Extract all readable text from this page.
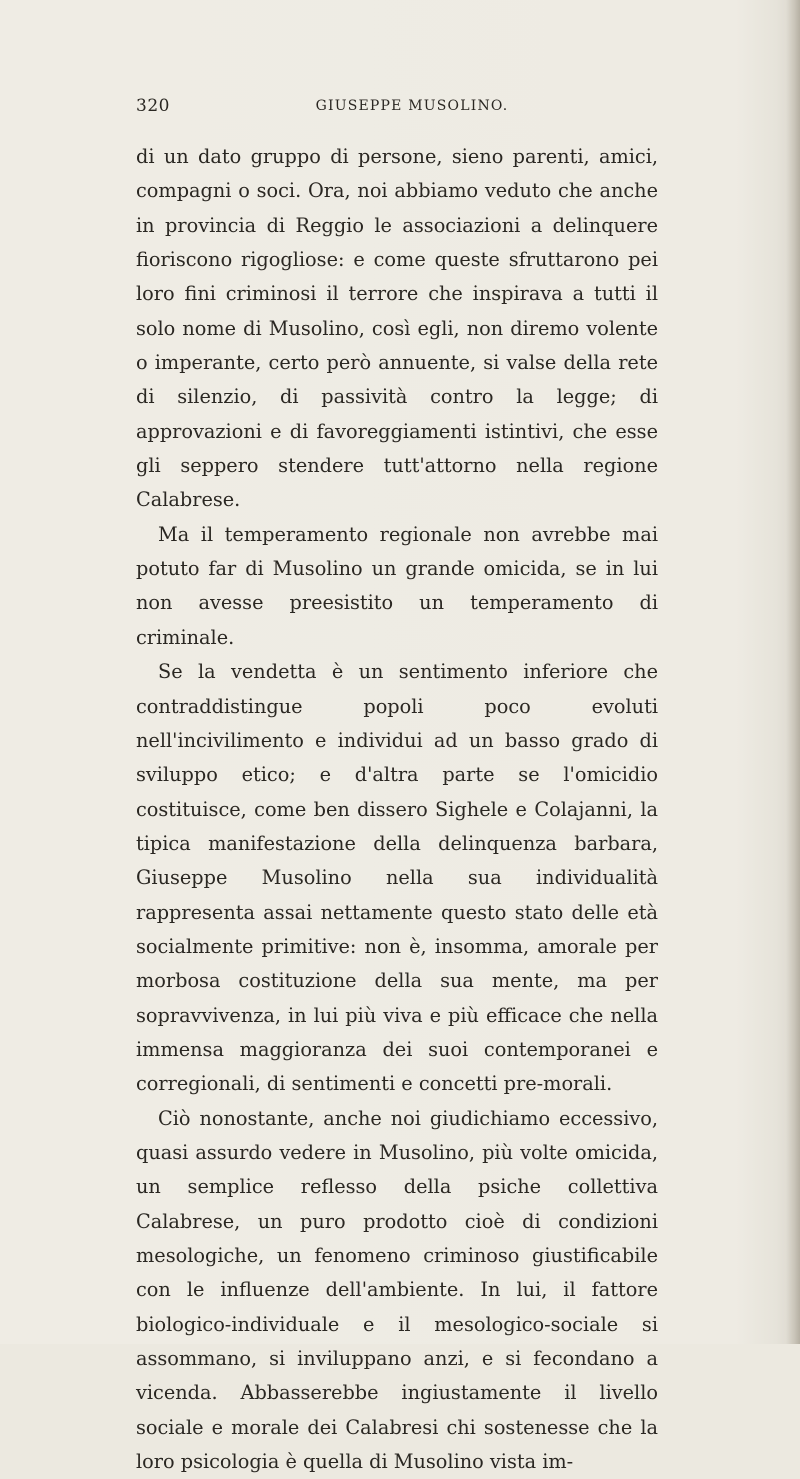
320	GIUSEPPE MUSOLINO.

di un dato gruppo di persone, sieno parenti, amici, compagni o soci. Ora, noi abbiamo veduto che anche in provincia di Reggio le associazioni a delinquere fioriscono rigogliose: e come queste sfruttarono pei loro fini criminosi il terrore che inspirava a tutti il solo nome di Musolino, così egli, non diremo volente o imperante, certo però annuente, si valse della rete di silenzio, di passività contro la legge; di approvazioni e di favoreggiamenti istintivi, che esse gli seppero stendere tutt'attorno nella regione Calabrese.

Ma il temperamento regionale non avrebbe mai potuto far di Musolino un grande omicida, se in lui non avesse preesistito un temperamento di criminale.

Se la vendetta è un sentimento inferiore che contraddistingue popoli poco evoluti nell'incivilimento e individui ad un basso grado di sviluppo etico; e d'altra parte se l'omicidio costituisce, come ben dissero Sighele e Colajanni, la tipica manifestazione della delinquenza barbara, Giuseppe Musolino nella sua individualità rappresenta assai nettamente questo stato delle età socialmente primitive: non è, insomma, amorale per morbosa costituzione della sua mente, ma per sopravvivenza, in lui più viva e più efficace che nella immensa maggioranza dei suoi contemporanei e corregionali, di sentimenti e concetti pre-morali.

Ciò nonostante, anche noi giudichiamo eccessivo, quasi assurdo vedere in Musolino, più volte omicida, un semplice reflesso della psiche collettiva Calabrese, un puro prodotto cioè di condizioni mesologiche, un fenomeno criminoso giustificabile con le influenze dell'ambiente. In lui, il fattore biologico-individuale e il mesologico-sociale si assommano, si inviluppano anzi, e si fecondano a vicenda. Abbasserebbe ingiustamente il livello sociale e morale dei Calabresi chi sostenesse che la loro psicologia è quella di Musolino vista im-
